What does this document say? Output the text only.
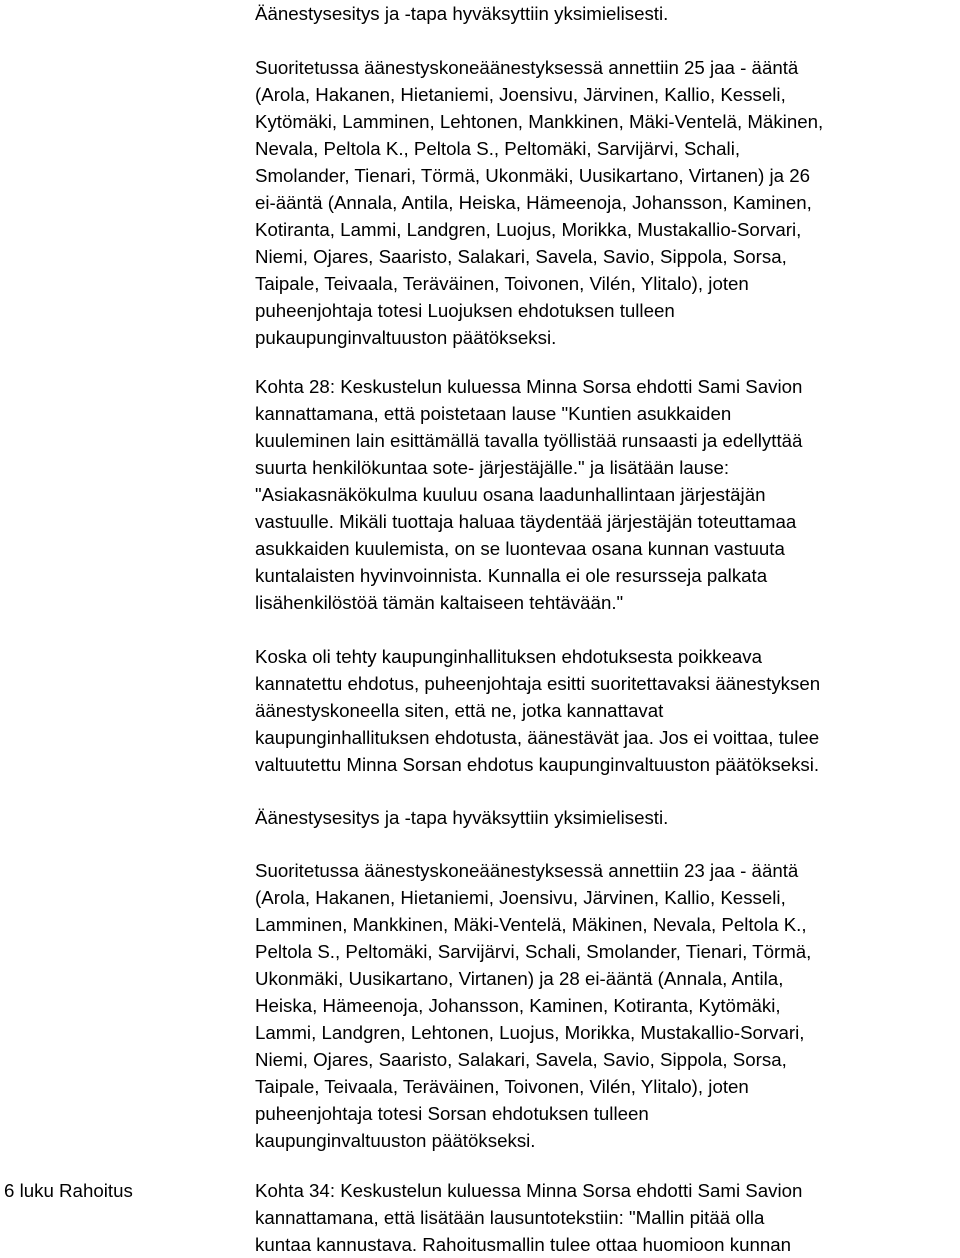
Äänestysesitys ja -tapa hyväksyttiin yksimielisesti.
Suoritetussa äänestyskoneäänestyksessä annettiin 25 jaa - ääntä
(Arola, Hakanen, Hietaniemi, Joensivu, Järvinen, Kallio, Kesseli,
Kytömäki, Lamminen, Lehtonen, Mankkinen, Mäki-Ventelä, Mäkinen,
Nevala, Peltola K., Peltola S., Peltomäki, Sarvijärvi, Schali,
Smolander, Tienari, Törmä, Ukonmäki, Uusikartano, Virtanen) ja 26
ei-ääntä (Annala, Antila, Heiska, Hämeenoja, Johansson, Kaminen,
Kotiranta, Lammi, Landgren, Luojus, Morikka, Mustakallio-Sorvari,
Niemi, Ojares, Saaristo, Salakari, Savela, Savio, Sippola, Sorsa,
Taipale, Teivaala, Teräväinen, Toivonen, Vilén, Ylitalo), joten
puheenjohtaja totesi Luojuksen ehdotuksen tulleen
pukaupunginvaltuuston päätökseksi.
Kohta 28: Keskustelun kuluessa Minna Sorsa ehdotti Sami Savion
kannattamana, että poistetaan lause "Kuntien asukkaiden
kuuleminen lain esittämällä tavalla työllistää runsaasti ja edellyttää
suurta henkilökuntaa sote- järjestäjälle." ja lisätään lause:
"Asiakasnäkökulma kuuluu osana laadunhallintaan järjestäjän
vastuulle. Mikäli tuottaja haluaa täydentää järjestäjän toteuttamaa
asukkaiden kuulemista, on se luontevaa osana kunnan vastuuta
kuntalaisten hyvinvoinnista. Kunnalla ei ole resursseja palkata
lisähenkilöstöä tämän kaltaiseen tehtävään."
Koska oli tehty kaupunginhallituksen ehdotuksesta poikkeava
kannatettu ehdotus, puheenjohtaja esitti suoritettavaksi äänestyksen
äänestyskoneella siten, että ne, jotka kannattavat
kaupunginhallituksen ehdotusta, äänestävät jaa. Jos ei voittaa, tulee
valtuutettu Minna Sorsan ehdotus kaupunginvaltuuston päätökseksi.
Äänestysesitys ja -tapa hyväksyttiin yksimielisesti.
Suoritetussa äänestyskoneäänestyksessä annettiin 23 jaa - ääntä
(Arola, Hakanen, Hietaniemi, Joensivu, Järvinen, Kallio, Kesseli,
Lamminen, Mankkinen, Mäki-Ventelä, Mäkinen, Nevala, Peltola K.,
Peltola S., Peltomäki, Sarvijärvi, Schali, Smolander, Tienari, Törmä,
Ukonmäki, Uusikartano, Virtanen) ja 28 ei-ääntä (Annala, Antila,
Heiska, Hämeenoja, Johansson, Kaminen, Kotiranta, Kytömäki,
Lammi, Landgren, Lehtonen, Luojus, Morikka, Mustakallio-Sorvari,
Niemi, Ojares, Saaristo, Salakari, Savela, Savio, Sippola, Sorsa,
Taipale, Teivaala, Teräväinen, Toivonen, Vilén, Ylitalo), joten
puheenjohtaja totesi Sorsan ehdotuksen tulleen
kaupunginvaltuuston päätökseksi.
6 luku Rahoitus	Kohta 34: Keskustelun kuluessa Minna Sorsa ehdotti Sami Savion
kannattamana, että lisätään lausuntotekstiin: "Mallin pitää olla
kuntaa kannustava. Rahoitusmallin tulee ottaa huomioon kunnan
